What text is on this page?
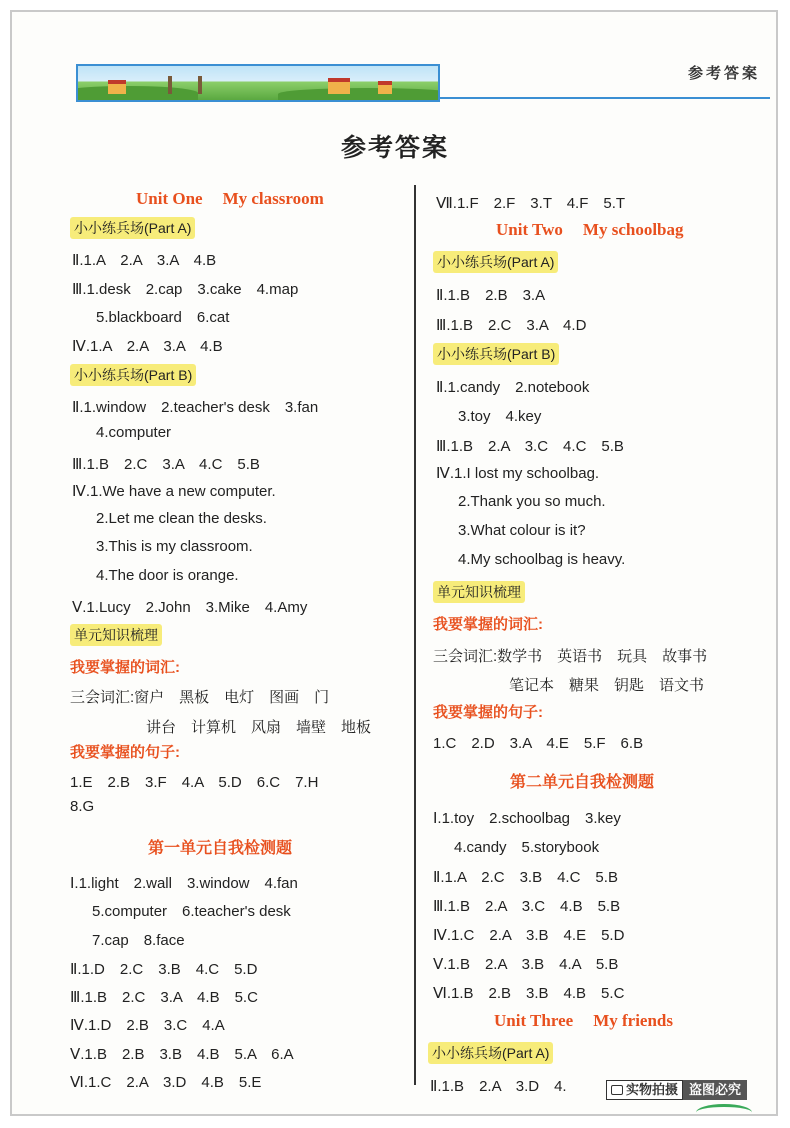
参考答案
参考答案
Unit One My classroom
小小练兵场(Part A)
Ⅱ.1.A　2.A　3.A　4.B
Ⅲ.1.desk　2.cap　3.cake　4.map
5.blackboard　6.cat
Ⅳ.1.A　2.A　3.A　4.B
小小练兵场(Part B)
Ⅱ.1.window　2.teacher's desk　3.fan
4.computer
Ⅲ.1.B　2.C　3.A　4.C　5.B
Ⅳ.1.We have a new computer.
2.Let me clean the desks.
3.This is my classroom.
4.The door is orange.
Ⅴ.1.Lucy　2.John　3.Mike　4.Amy
单元知识梳理
我要掌握的词汇:
三会词汇:窗户　黑板　电灯　图画　门
讲台　计算机　风扇　墙壁　地板
我要掌握的句子:
1.E　2.B　3.F　4.A　5.D　6.C　7.H
8.G
第一单元自我检测题
Ⅰ.1.light　2.wall　3.window　4.fan
5.computer　6.teacher's desk
7.cap　8.face
Ⅱ.1.D　2.C　3.B　4.C　5.D
Ⅲ.1.B　2.C　3.A　4.B　5.C
Ⅳ.1.D　2.B　3.C　4.A
Ⅴ.1.B　2.B　3.B　4.B　5.A　6.A
Ⅵ.1.C　2.A　3.D　4.B　5.E
Ⅶ.1.F　2.F　3.T　4.F　5.T
Unit Two My schoolbag
小小练兵场(Part A)
Ⅱ.1.B　2.B　3.A
Ⅲ.1.B　2.C　3.A　4.D
小小练兵场(Part B)
Ⅱ.1.candy　2.notebook
3.toy　4.key
Ⅲ.1.B　2.A　3.C　4.C　5.B
Ⅳ.1.I lost my schoolbag.
2.Thank you so much.
3.What colour is it?
4.My schoolbag is heavy.
单元知识梳理
我要掌握的词汇:
三会词汇:数学书　英语书　玩具　故事书
笔记本　糖果　钥匙　语文书
我要掌握的句子:
1.C　2.D　3.A　4.E　5.F　6.B
第二单元自我检测题
Ⅰ.1.toy　2.schoolbag　3.key
4.candy　5.storybook
Ⅱ.1.A　2.C　3.B　4.C　5.B
Ⅲ.1.B　2.A　3.C　4.B　5.B
Ⅳ.1.C　2.A　3.B　4.E　5.D
Ⅴ.1.B　2.A　3.B　4.A　5.B
Ⅵ.1.B　2.B　3.B　4.B　5.C
Unit Three My friends
小小练兵场(Part A)
Ⅱ.1.B　2.A　3.D　4.	实物拍摄 盗图必究
